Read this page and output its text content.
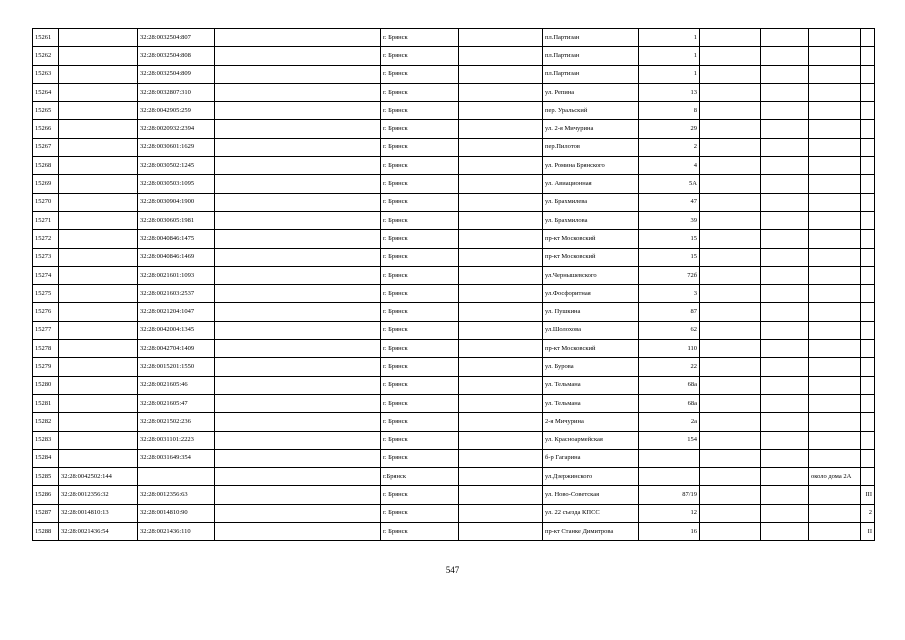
15261		32:28:0032504:807		г. Брянск		пл.Партизан	1				
15262		32:28:0032504:808		г. Брянск		пл.Партизан	1				
15263		32:28:0032504:809		г. Брянск		пл.Партизан	1				
15264		32:28:0032807:310		г. Брянск		ул. Репина	13				
15265		32:28:0042905:259		г. Брянск		пер. Уральский	8				
15266		32:28:0020932:2394		г. Брянск		ул. 2-я Мичурина	29				
15267		32:28:0030601:1629		г. Брянск		пер.Пилотов	2				
15268		32:28:0030502:1245		г. Брянск		ул. Ромина Брянского	4				
15269		32:28:0030503:1095		г. Брянск		ул. Авиационная	5А				
15270		32:28:0030904:1900		г. Брянск		ул. Брахмилева	47				
15271		32:28:0030605:1981		г. Брянск		ул. Брахмилова	39				
15272		32:28:0040846:1475		г. Брянск		пр-кт Московский	15				
15273		32:28:0040846:1469		г. Брянск		пр-кт Московский	15				
15274		32:28:0021601:1093		г. Брянск		ул.Чернышевского	72б				
15275		32:28:0021603:2537		г. Брянск		ул.Фосфоритная	3				
15276		32:28:0021204:1047		г. Брянск		ул. Пушкина	87				
15277		32:28:0042004:1345		г. Брянск		ул.Шолохова	62				
15278		32:28:0042704:1409		г. Брянск		пр-кт Московский	110				
15279		32:28:0015201:1550		г. Брянск		ул. Бурова	22				
15280		32:28:0021605:46		г. Брянск		ул. Тельмана	68а				
15281		32:28:0021605:47		г. Брянск		ул. Тельмана	68а				
15282		32:28:0021502:236		г. Брянск		2-я Мичурина	2а				
15283		32:28:0031101:2223		г. Брянск		ул. Красноармейская	154				
15284		32:28:0031649:354		г. Брянск		б-р Гагарина					
15285	32:28:0042502:144			г.Брянск		ул.Дзержинского				около дома 2А	
15286	32:28:0012356:32	32:28:0012356:63		г. Брянск		ул. Ново-Советская	87/19				III
15287	32:28:0014810:13	32:28:0014810:90		г. Брянск		ул. 22 съезда КПСС	12				2
15288	32:28:0021436:54	32:28:0021436:110		г. Брянск		пр-кт Станке Димитрова	16				II
547
